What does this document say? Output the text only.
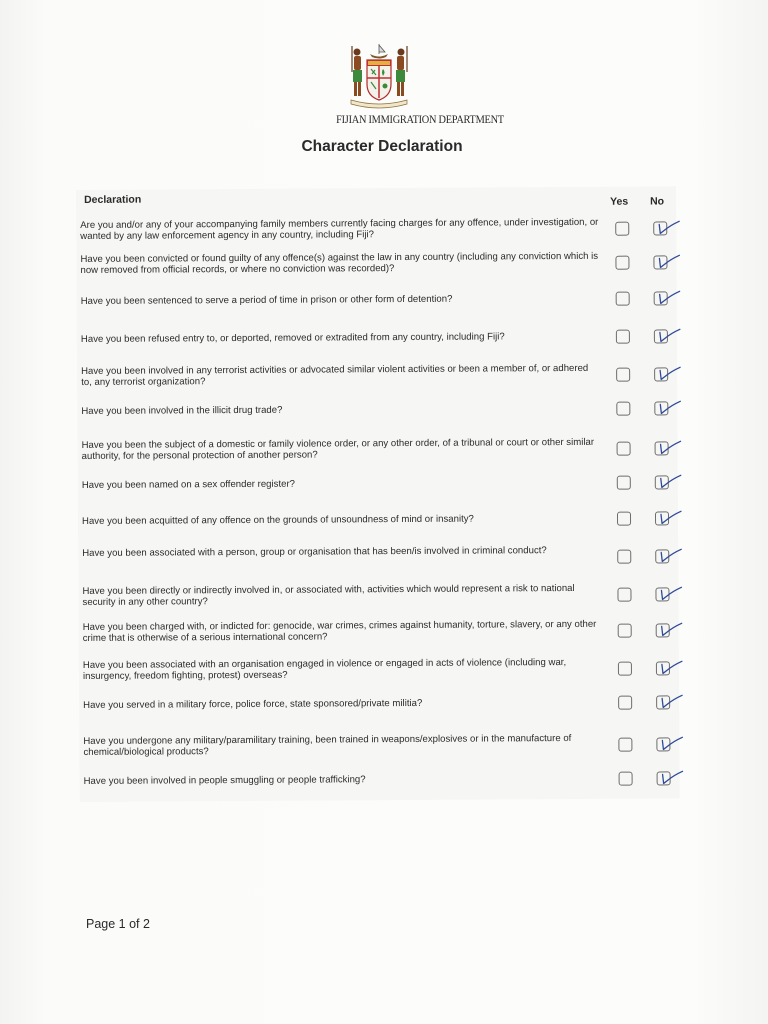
FIJIAN IMMIGRATION DEPARTMENT
Character Declaration
Declaration	Yes No
Are you and/or any of your accompanying family members currently facing charges for any offence, under investigation, or wanted by any law enforcement agency in any country, including Fiji?
Have you been convicted or found guilty of any offence(s) against the law in any country (including any conviction which is now removed from official records, or where no conviction was recorded)?
Have you been sentenced to serve a period of time in prison or other form of detention?
Have you been refused entry to, or deported, removed or extradited from any country, including Fiji?
Have you been involved in any terrorist activities or advocated similar violent activities or been a member of, or adhered to, any terrorist organization?
Have you been involved in the illicit drug trade?
Have you been the subject of a domestic or family violence order, or any other order, of a tribunal or court or other similar authority, for the personal protection of another person?
Have you been named on a sex offender register?
Have you been acquitted of any offence on the grounds of unsoundness of mind or insanity?
Have you been associated with a person, group or organisation that has been/is involved in criminal conduct?
Have you been directly or indirectly involved in, or associated with, activities which would represent a risk to national security in any other country?
Have you been charged with, or indicted for: genocide, war crimes, crimes against humanity, torture, slavery, or any other crime that is otherwise of a serious international concern?
Have you been associated with an organisation engaged in violence or engaged in acts of violence (including war, insurgency, freedom fighting, protest) overseas?
Have you served in a military force, police force, state sponsored/private militia?
Have you undergone any military/paramilitary training, been trained in weapons/explosives or in the manufacture of chemical/biological products?
Have you been involved in people smuggling or people trafficking?
Page 1 of 2
